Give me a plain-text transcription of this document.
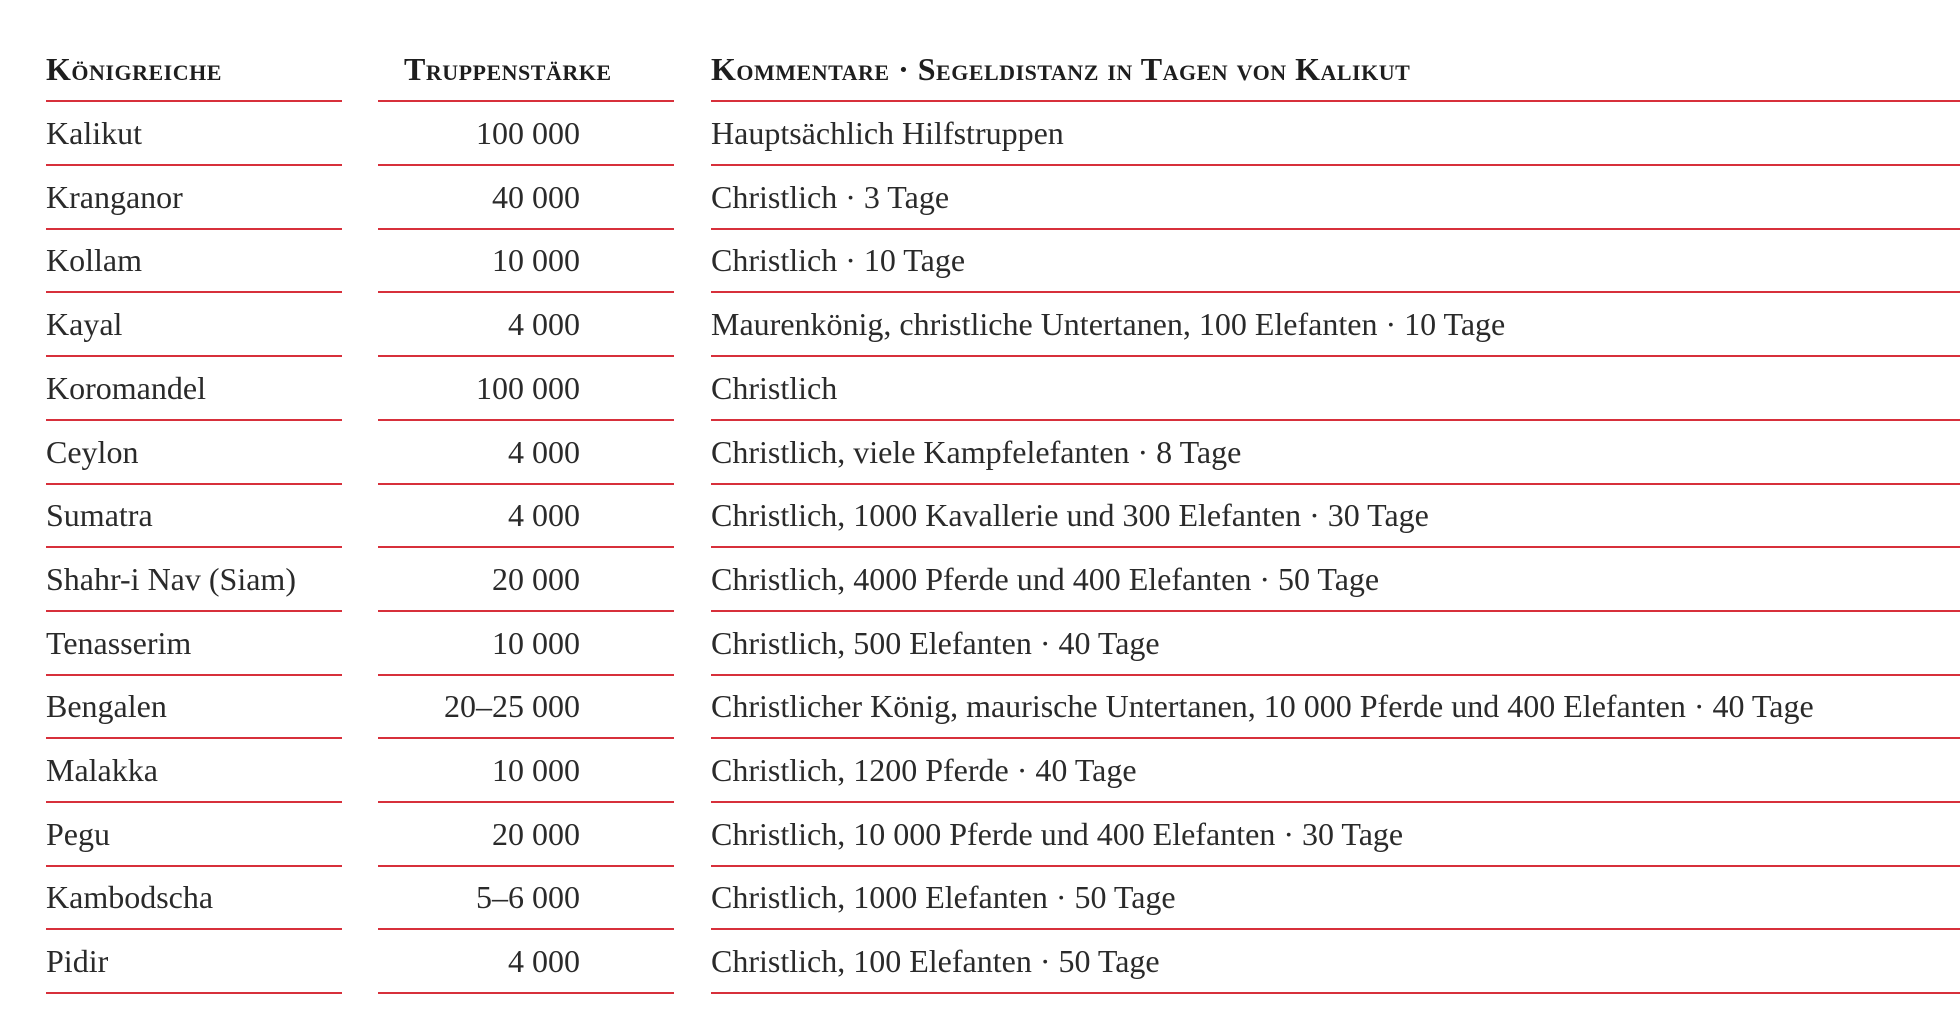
Königreiche	Truppenstärke	Kommentare · Segeldistanz in Tagen von Kalikut
Kalikut	100 000	Hauptsächlich Hilfstruppen
Kranganor	40 000	Christlich · 3 Tage
Kollam	10 000	Christlich · 10 Tage
Kayal	4 000	Maurenkönig, christliche Untertanen, 100 Elefanten · 10 Tage
Koromandel	100 000	Christlich
Ceylon	4 000	Christlich, viele Kampfelefanten · 8 Tage
Sumatra	4 000	Christlich, 1000 Kavallerie und 300 Elefanten · 30 Tage
Shahr-i Nav (Siam)	20 000	Christlich, 4000 Pferde und 400 Elefanten · 50 Tage
Tenasserim	10 000	Christlich, 500 Elefanten · 40 Tage
Bengalen	20–25 000	Christlicher König, maurische Untertanen, 10 000 Pferde und 400 Elefanten · 40 Tage
Malakka	10 000	Christlich, 1200 Pferde · 40 Tage
Pegu	20 000	Christlich, 10 000 Pferde und 400 Elefanten · 30 Tage
Kambodscha	5–6 000	Christlich, 1000 Elefanten · 50 Tage
Pidir	4 000	Christlich, 100 Elefanten · 50 Tage
